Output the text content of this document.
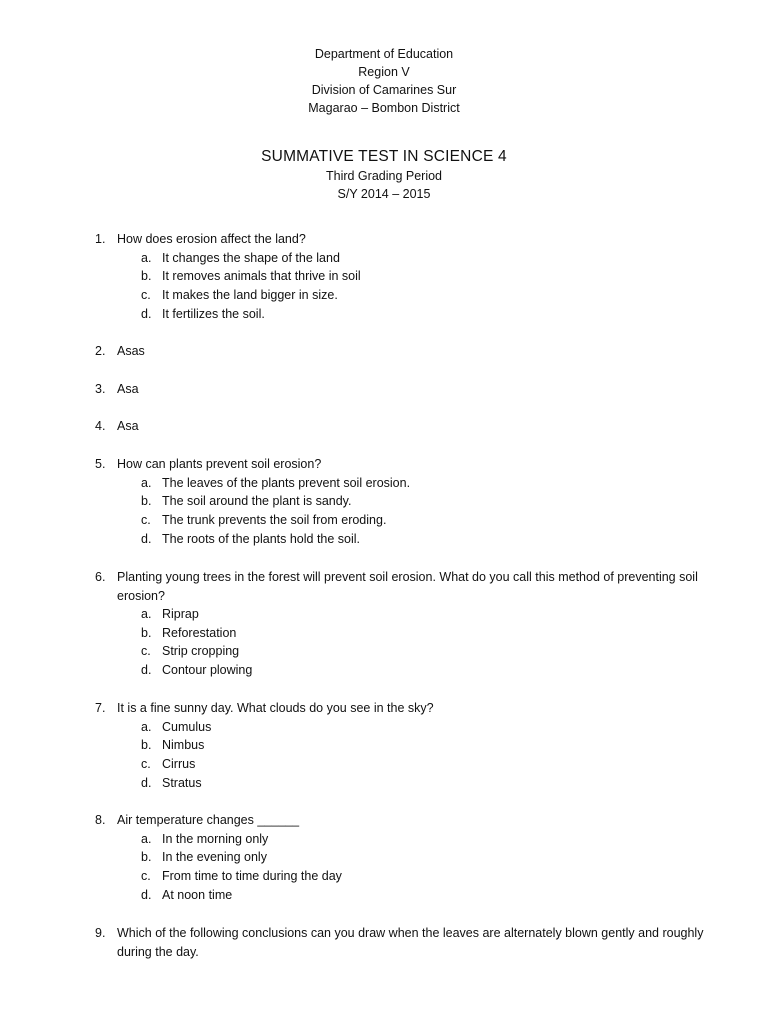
Department of Education
Region V
Division of Camarines Sur
Magarao – Bombon District
SUMMATIVE TEST IN SCIENCE 4
Third Grading Period
S/Y 2014 – 2015
1. How does erosion affect the land?
a. It changes the shape of the land
b. It removes animals that thrive in soil
c. It makes the land bigger in size.
d. It fertilizes the soil.
2. Asas
3. Asa
4. Asa
5. How can plants prevent soil erosion?
a. The leaves of the plants prevent soil erosion.
b. The soil around the plant is sandy.
c. The trunk prevents the soil from eroding.
d. The roots of the plants hold the soil.
6. Planting young trees in the forest will prevent soil erosion. What do you call this method of preventing soil erosion?
a. Riprap
b. Reforestation
c. Strip cropping
d. Contour plowing
7. It is a fine sunny day. What clouds do you see in the sky?
a. Cumulus
b. Nimbus
c. Cirrus
d. Stratus
8. Air temperature changes ______
a. In the morning only
b. In the evening only
c. From time to time during the day
d. At noon time
9. Which of the following conclusions can you draw when the leaves are alternately blown gently and roughly during the day.
